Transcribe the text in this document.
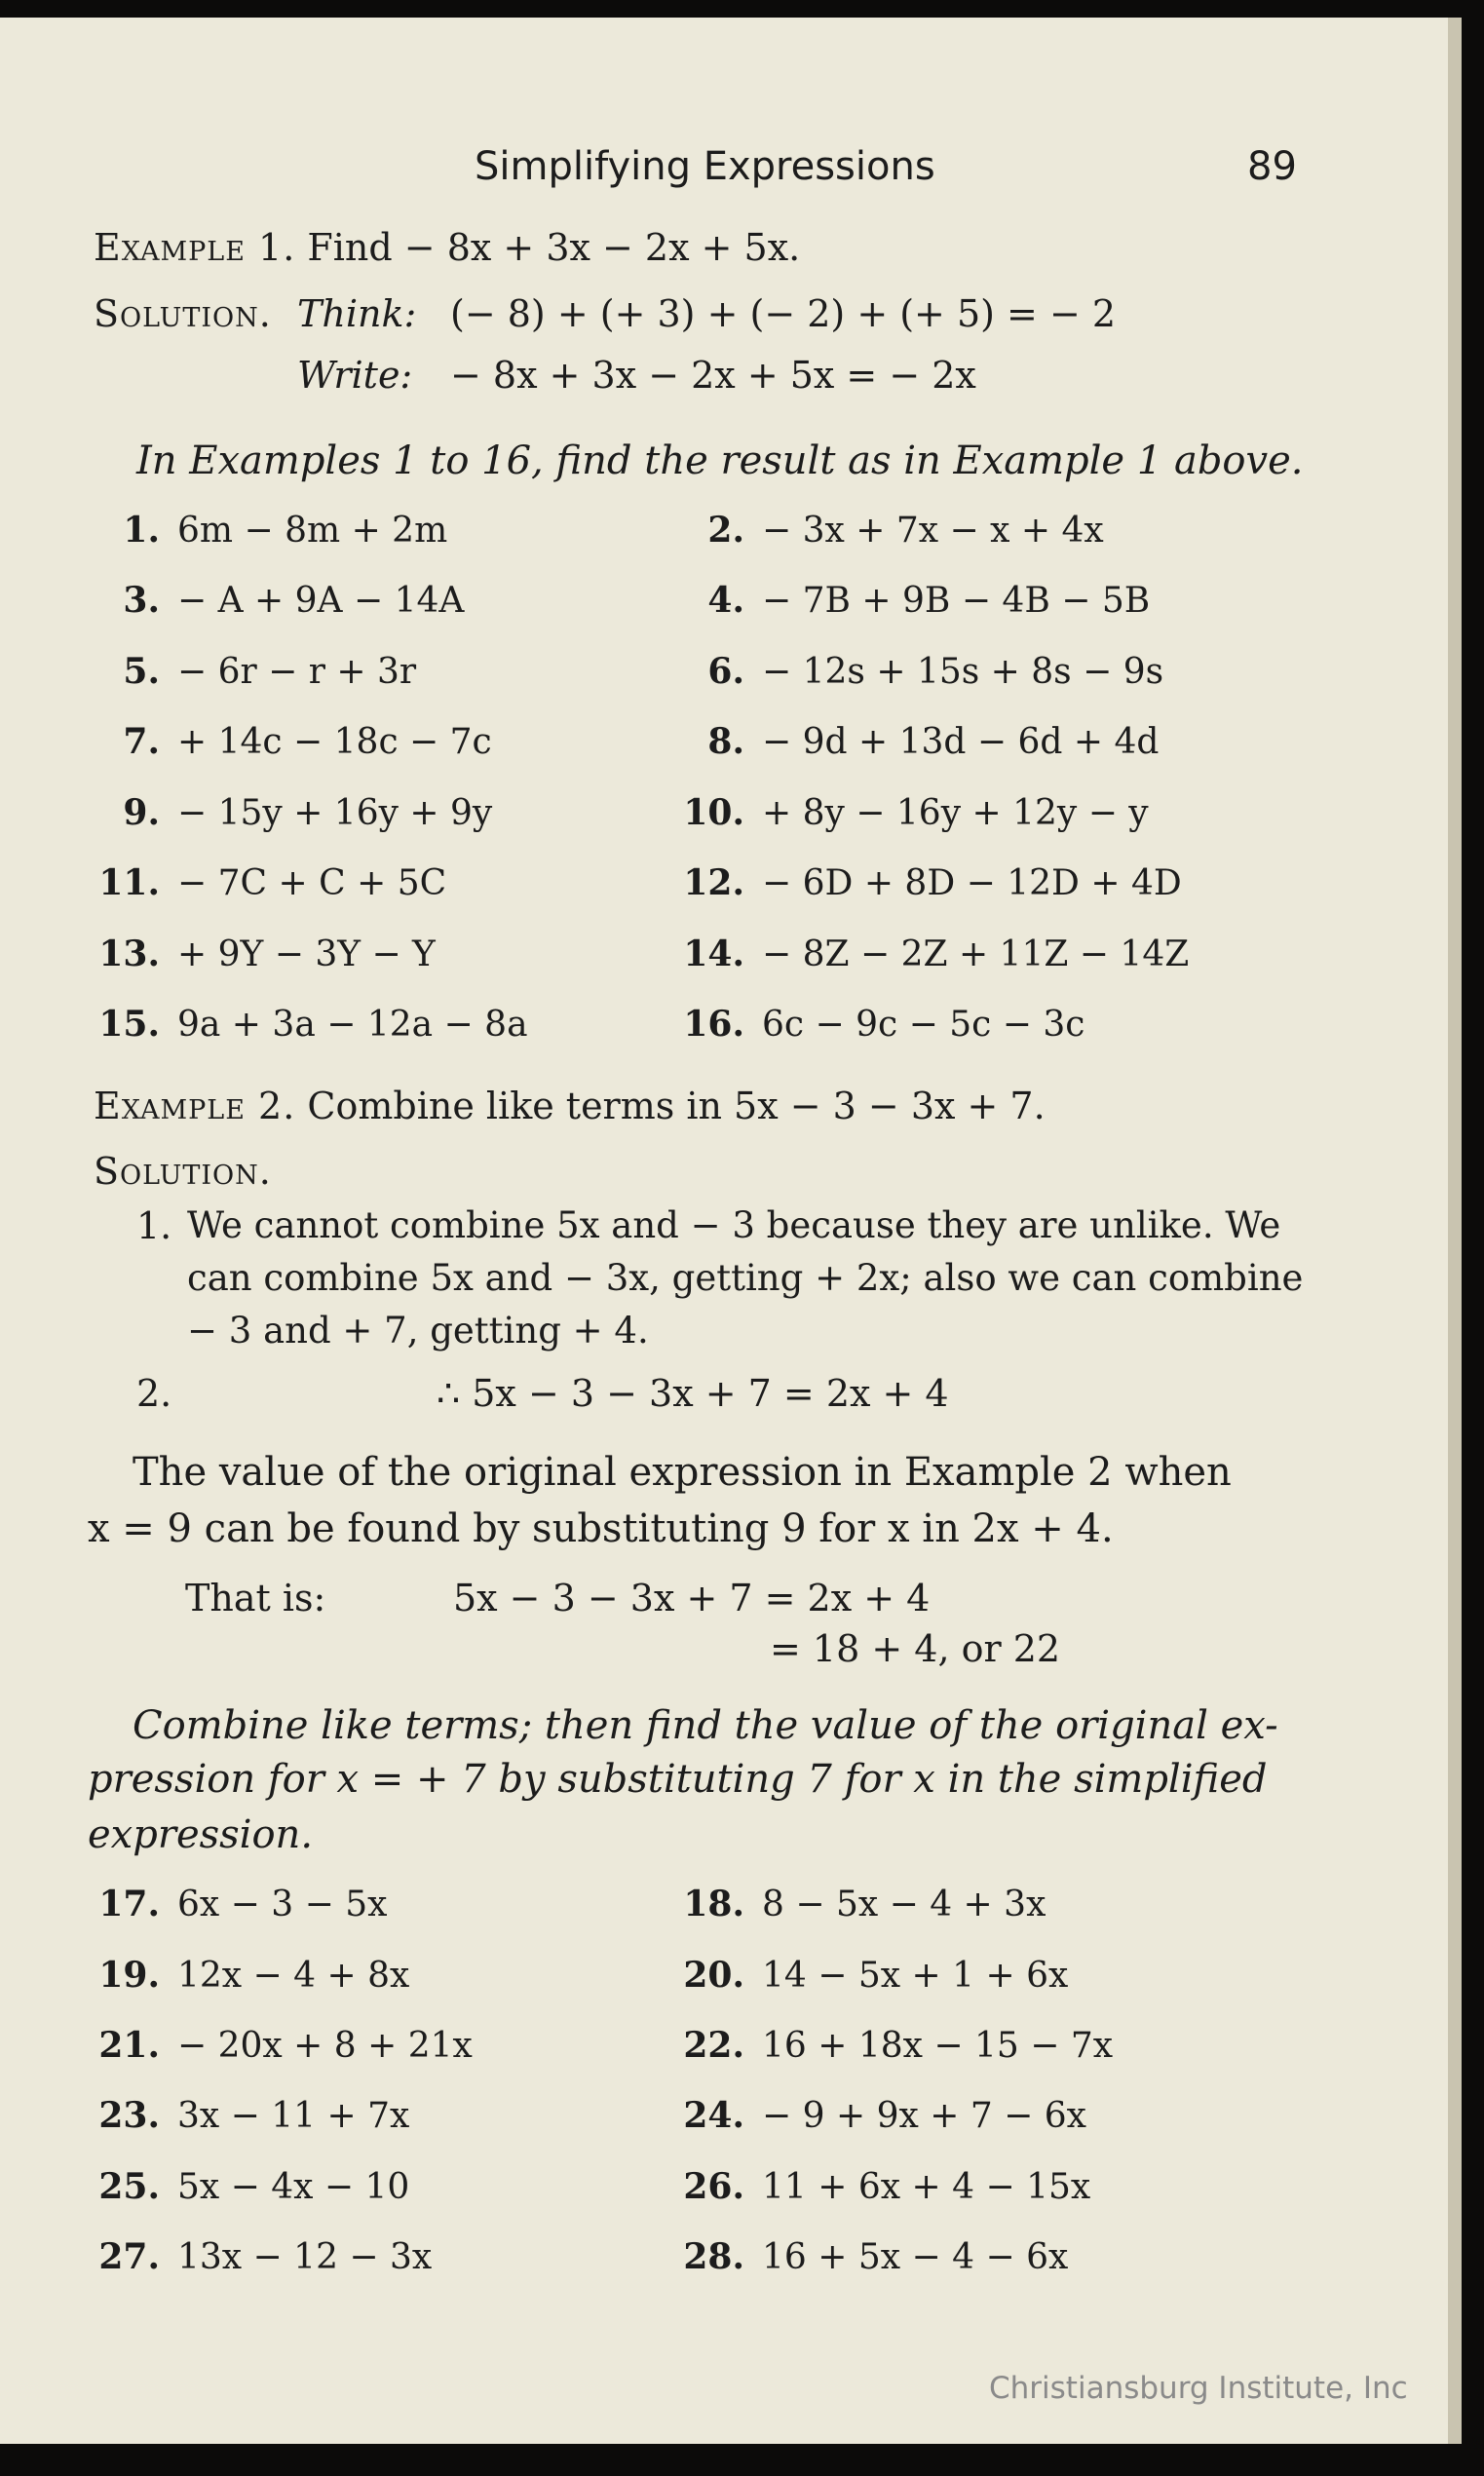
Simplifying Expressions	89
Example 1. Find − 8x + 3x − 2x + 5x.
Solution. Think: (− 8) + (+ 3) + (− 2) + (+ 5) = − 2
Write: − 8x + 3x − 2x + 5x = − 2x
In Examples 1 to 16, find the result as in Example 1 above.
1. 6m − 8m + 2m	2. − 3x + 7x − x + 4x
3. − A + 9A − 14A	4. − 7B + 9B − 4B − 5B
5. − 6r − r + 3r	6. − 12s + 15s + 8s − 9s
7. + 14c − 18c − 7c	8. − 9d + 13d − 6d + 4d
9. − 15y + 16y + 9y	10. + 8y − 16y + 12y − y
11. − 7C + C + 5C	12. − 6D + 8D − 12D + 4D
13. + 9Y − 3Y − Y	14. − 8Z − 2Z + 11Z − 14Z
15. 9a + 3a − 12a − 8a	16. 6c − 9c − 5c − 3c
Example 2. Combine like terms in 5x − 3 − 3x + 7.
Solution.
1. We cannot combine 5x and − 3 because they are unlike. We
can combine 5x and − 3x, getting + 2x; also we can combine
− 3 and + 7, getting + 4.
2.	∴ 5x − 3 − 3x + 7 = 2x + 4
The value of the original expression in Example 2 when
x = 9 can be found by substituting 9 for x in 2x + 4.
That is:	5x − 3 − 3x + 7 = 2x + 4
= 18 + 4, or 22
Combine like terms; then find the value of the original ex-
pression for x = + 7 by substituting 7 for x in the simplified
expression.
17. 6x − 3 − 5x	18. 8 − 5x − 4 + 3x
19. 12x − 4 + 8x	20. 14 − 5x + 1 + 6x
21. − 20x + 8 + 21x	22. 16 + 18x − 15 − 7x
23. 3x − 11 + 7x	24. − 9 + 9x + 7 − 6x
25. 5x − 4x − 10	26. 11 + 6x + 4 − 15x
27. 13x − 12 − 3x	28. 16 + 5x − 4 − 6x
Christiansburg Institute, Inc
